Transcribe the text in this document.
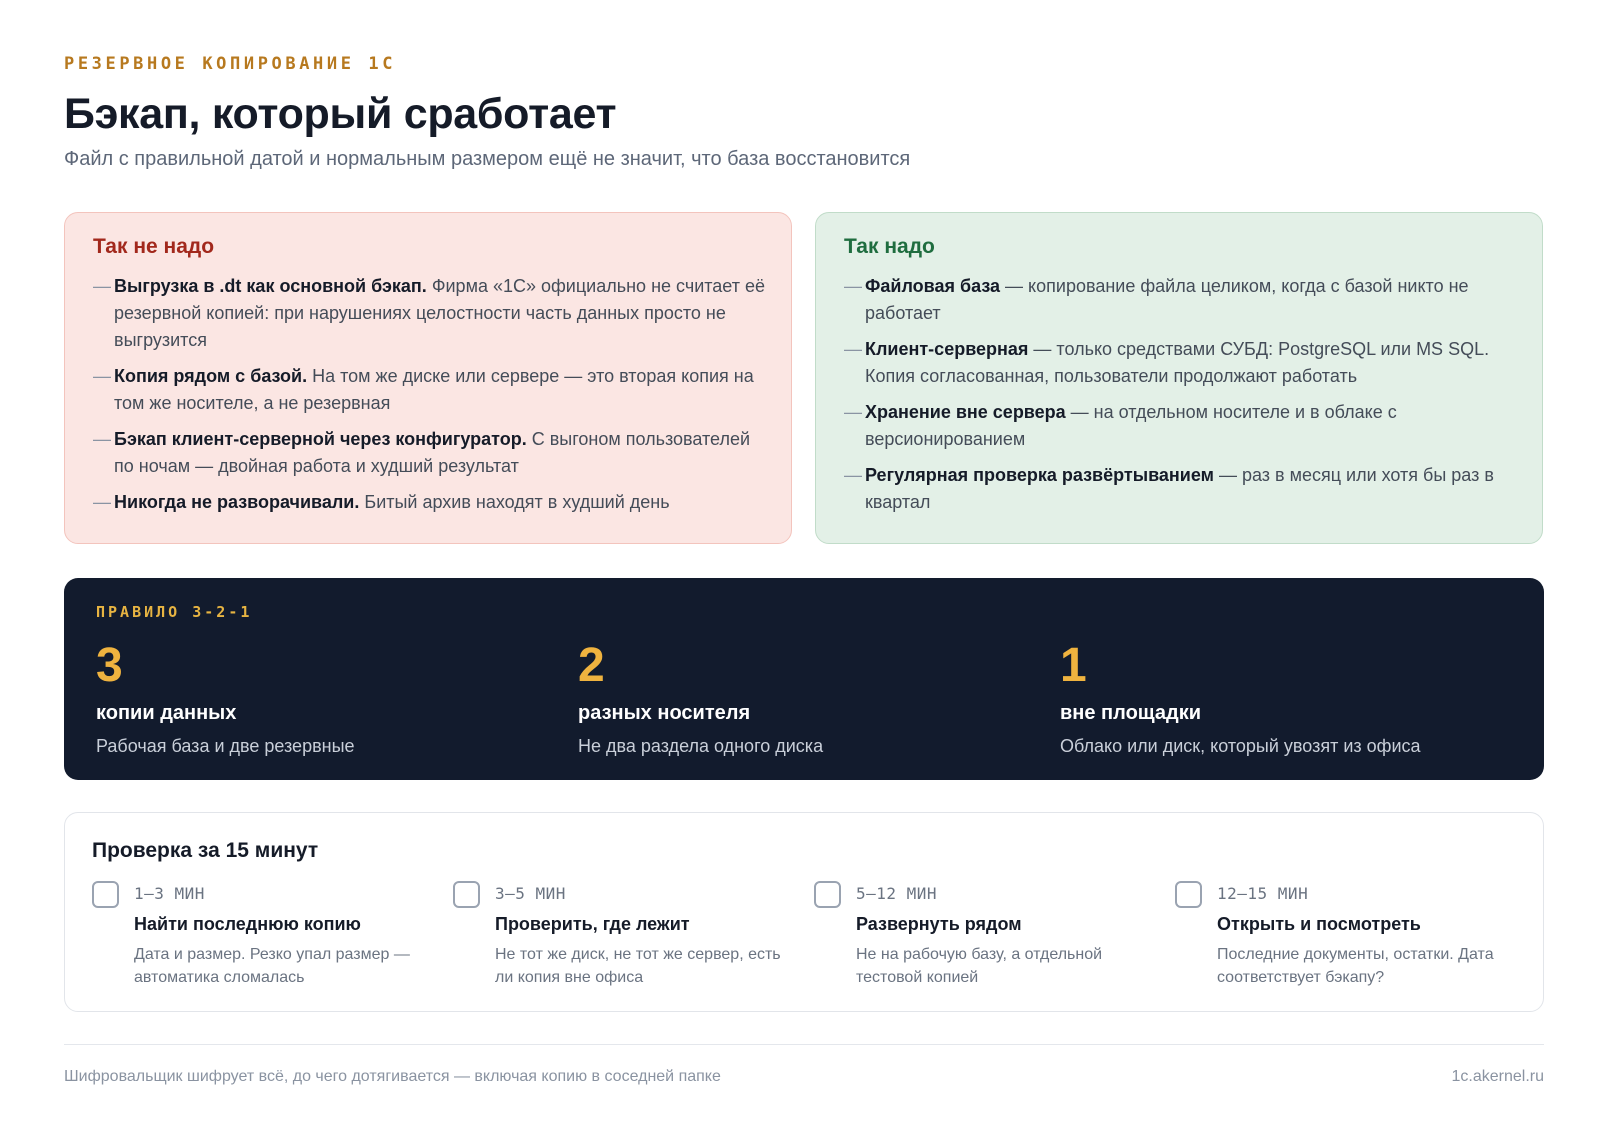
РЕЗЕРВНОЕ КОПИРОВАНИЕ 1С
Бэкап, который сработает
Файл с правильной датой и нормальным размером ещё не значит, что база восстановится
Так не надо
— Выгрузка в .dt как основной бэкап. Фирма «1С» официально не считает её резервной копией: при нарушениях целостности часть данных просто не выгрузится
— Копия рядом с базой. На том же диске или сервере — это вторая копия на том же носителе, а не резервная
— Бэкап клиент-серверной через конфигуратор. С выгоном пользователей по ночам — двойная работа и худший результат
— Никогда не разворачивали. Битый архив находят в худший день
Так надо
— Файловая база — копирование файла целиком, когда с базой никто не работает
— Клиент-серверная — только средствами СУБД: PostgreSQL или MS SQL. Копия согласованная, пользователи продолжают работать
— Хранение вне сервера — на отдельном носителе и в облаке с версионированием
— Регулярная проверка развёртыванием — раз в месяц или хотя бы раз в квартал
ПРАВИЛО 3-2-1
3
копии данных
Рабочая база и две резервные
2
разных носителя
Не два раздела одного диска
1
вне площадки
Облако или диск, который увозят из офиса
Проверка за 15 минут
1–3 МИН
Найти последнюю копию
Дата и размер. Резко упал размер — автоматика сломалась
3–5 МИН
Проверить, где лежит
Не тот же диск, не тот же сервер, есть ли копия вне офиса
5–12 МИН
Развернуть рядом
Не на рабочую базу, а отдельной тестовой копией
12–15 МИН
Открыть и посмотреть
Последние документы, остатки. Дата соответствует бэкапу?
Шифровальщик шифрует всё, до чего дотягивается — включая копию в соседней папке	1c.akernel.ru
